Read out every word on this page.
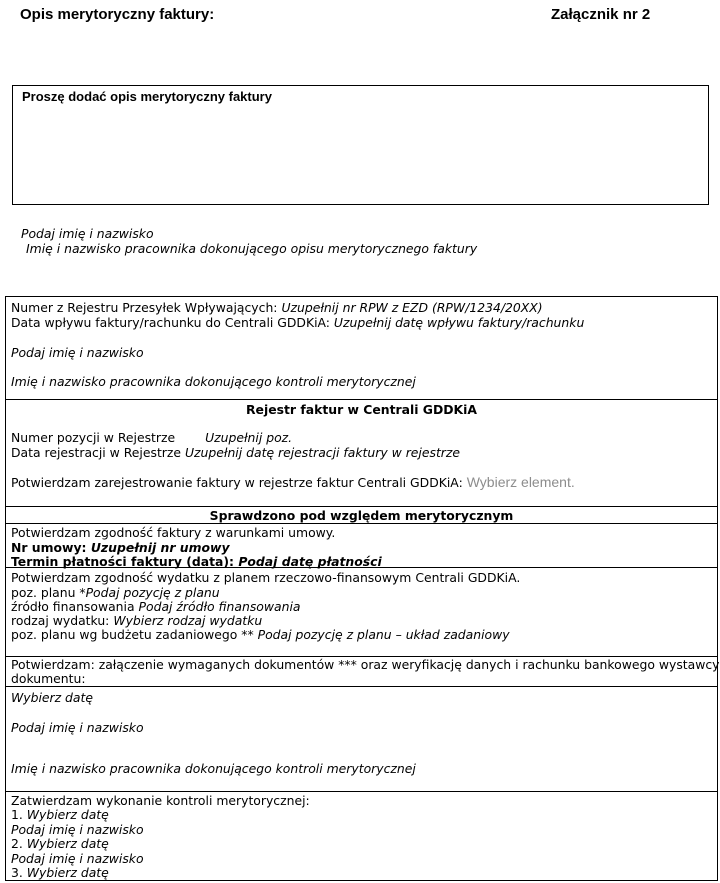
Opis merytoryczny faktury:	Załącznik nr 2
Proszę dodać opis merytoryczny faktury
Podaj imię i nazwisko
Imię i nazwisko pracownika dokonującego opisu merytorycznego faktury
Numer z Rejestru Przesyłek Wpływających: Uzupełnij nr RPW z EZD (RPW/1234/20XX)
Data wpływu faktury/rachunku do Centrali GDDKiA: Uzupełnij datę wpływu faktury/rachunku
Podaj imię i nazwisko
Imię i nazwisko pracownika dokonującego kontroli merytorycznej
Rejestr faktur w Centrali GDDKiA
Numer pozycji w Rejestrze Uzupełnij poz.
Data rejestracji w Rejestrze Uzupełnij datę rejestracji faktury w rejestrze
Potwierdzam zarejestrowanie faktury w rejestrze faktur Centrali GDDKiA: Wybierz element.
Sprawdzono pod względem merytorycznym
Potwierdzam zgodność faktury z warunkami umowy.
Nr umowy: Uzupełnij nr umowy
Termin płatności faktury (data): Podaj datę płatności
Potwierdzam zgodność wydatku z planem rzeczowo-finansowym Centrali GDDKiA.
poz. planu *Podaj pozycję z planu
źródło finansowania Podaj źródło finansowania
rodzaj wydatku: Wybierz rodzaj wydatku
poz. planu wg budżetu zadaniowego ** Podaj pozycję z planu – układ zadaniowy
Potwierdzam: załączenie wymaganych dokumentów *** oraz weryfikację danych i rachunku bankowego wystawcy
dokumentu:
Wybierz datę
Podaj imię i nazwisko
Imię i nazwisko pracownika dokonującego kontroli merytorycznej
Zatwierdzam wykonanie kontroli merytorycznej:
1. Wybierz datę
Podaj imię i nazwisko
2. Wybierz datę
Podaj imię i nazwisko
3. Wybierz datę
